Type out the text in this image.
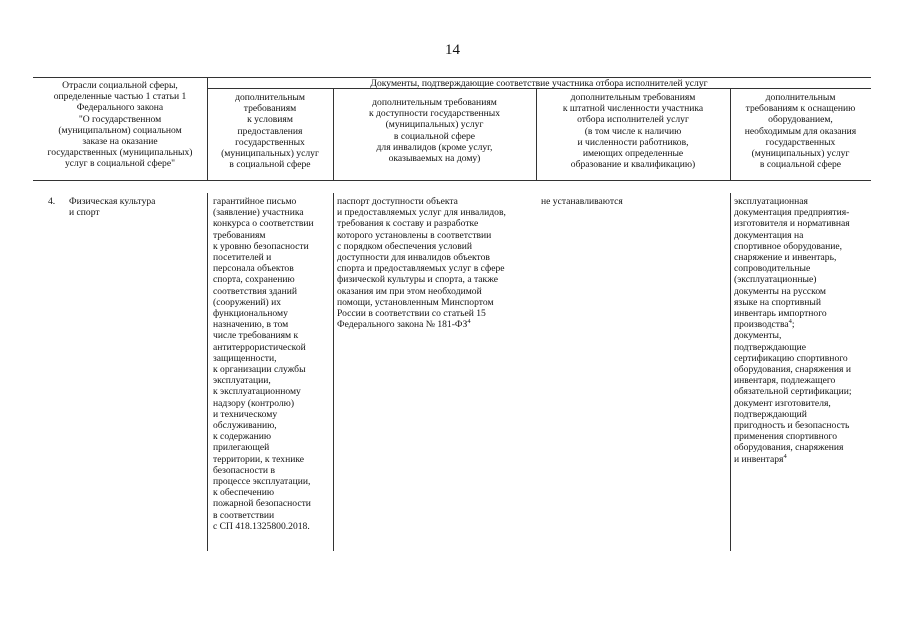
14
Отрасли социальной сферы,
определенные частью 1 статьи 1
Федерального закона
"О государственном
(муниципальном) социальном
заказе на оказание
государственных (муниципальных)
услуг в социальной сфере"
Документы, подтверждающие соответствие участника отбора исполнителей услуг
дополнительным
требованиям
к условиям
предоставления
государственных
(муниципальных) услуг
в социальной сфере
дополнительным требованиям
к доступности государственных
(муниципальных) услуг
в социальной сфере
для инвалидов (кроме услуг,
оказываемых на дому)
дополнительным требованиям
к штатной численности участника
отбора исполнителей услуг
(в том числе к наличию
и численности работников,
имеющих определенные
образование и квалификацию)
дополнительным
требованиям к оснащению
оборудованием,
необходимым для оказания
государственных
(муниципальных) услуг
в социальной сфере
4. Физическая культура
и спорт
гарантийное письмо
(заявление) участника
конкурса о соответствии
требованиям
к уровню безопасности
посетителей и
персонала объектов
спорта, сохранению
соответствия зданий
(сооружений) их
функциональному
назначению, в том
числе требованиям к
антитеррористической
защищенности,
к организации службы
эксплуатации,
к эксплуатационному
надзору (контролю)
и техническому
обслуживанию,
к содержанию
прилегающей
территории, к технике
безопасности в
процессе эксплуатации,
к обеспечению
пожарной безопасности
в соответствии
с СП 418.1325800.2018.
паспорт доступности объекта
и предоставляемых услуг для инвалидов,
требования к составу и разработке
которого установлены в соответствии
с порядком обеспечения условий
доступности для инвалидов объектов
спорта и предоставляемых услуг в сфере
физической культуры и спорта, а также
оказания им при этом необходимой
помощи, установленным Минспортом
России в соответствии со статьей 15
Федерального закона № $181-ФЗ^4$
не устанавливаются	эксплуатационная
документация предприятия-
изготовителя и нормативная
документация на
спортивное оборудование,
снаряжение и инвентарь,
сопроводительные
(эксплуатационные)
документы на русском
языке на спортивный
инвентарь импортного
производства$^4$;
документы,
подтверждающие
сертификацию спортивного
оборудования, снаряжения и
инвентаря, подлежащего
обязательной сертификации;
документ изготовителя,
подтверждающий
пригодность и безопасность
применения спортивного
оборудования, снаряжения
и инвентаря$^4$
